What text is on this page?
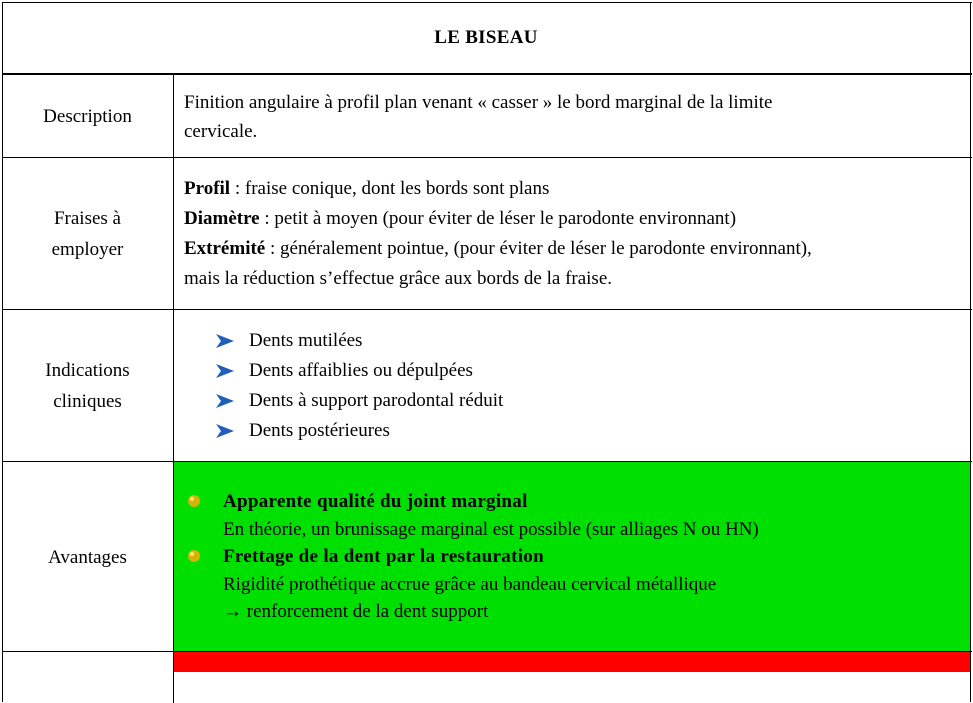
LE BISEAU
Description
Finition angulaire à profil plan venant « casser » le bord marginal de la limite
cervicale.
Fraises à
employer
Profil : fraise conique, dont les bords sont plans
Diamètre : petit à moyen (pour éviter de léser le parodonte environnant)
Extrémité : généralement pointue, (pour éviter de léser le parodonte environnant),
mais la réduction s’effectue grâce aux bords de la fraise.
Indications
cliniques
Dents mutilées
Dents affaiblies ou dépulpées
Dents à support parodontal réduit
Dents postérieures
Avantages
Apparente qualité du joint marginal
En théorie, un brunissage marginal est possible (sur alliages N ou HN)
Frettage de la dent par la restauration
Rigidité prothétique accrue grâce au bandeau cervical métallique
→ renforcement de la dent support
